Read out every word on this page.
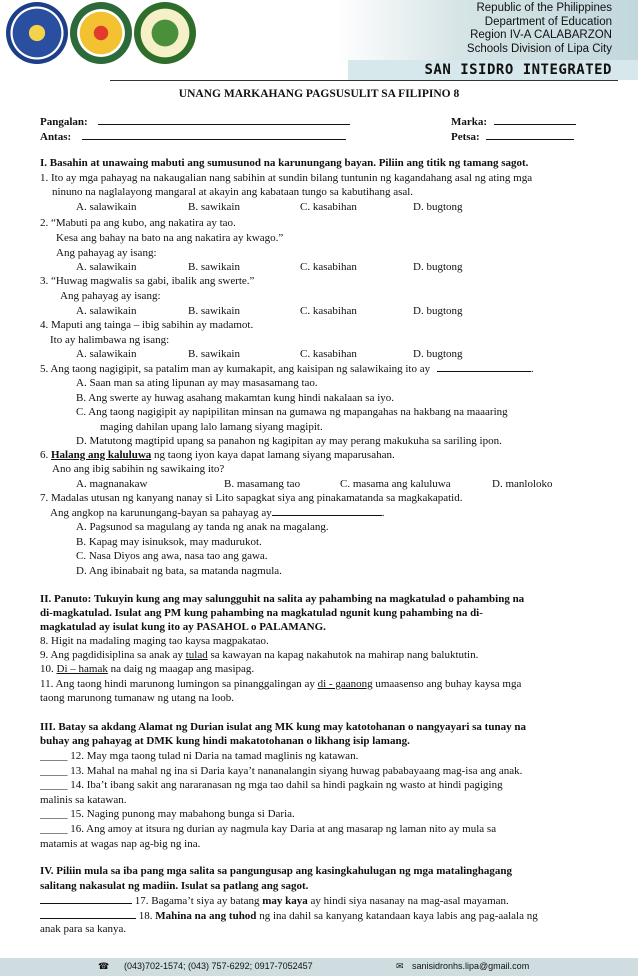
Republic of the Philippines
Department of Education
Region IV-A CALABARZON
Schools Division of Lipa City
SAN ISIDRO INTEGRATED
UNANG MARKAHANG PAGSUSULIT SA FILIPINO 8
Pangalan:	Marka:
Antas:	Petsa:
I. Basahin at unawaing mabuti ang sumusunod na karunungang bayan. Piliin ang titik ng tamang sagot.
1. Ito ay mga pahayag na nakaugalian nang sabihin at sundin bilang tuntunin ng kagandahang asal ng ating mga
ninuno na naglalayong mangaral at akayin ang kabataan tungo sa kabutihang asal.
A. salawikain	B. sawikain	C. kasabihan	D. bugtong
2. “Mabuti pa ang kubo, ang nakatira ay tao.
Kesa ang bahay na bato na ang nakatira ay kwago.”
Ang pahayag ay isang:
A. salawikain	B. sawikain	C. kasabihan	D. bugtong
3. “Huwag magwalis sa gabi, ibalik ang swerte.”
Ang pahayag ay isang:
A. salawikain	B. sawikain	C. kasabihan	D. bugtong
4. Maputi ang tainga – ibig sabihin ay madamot.
Ito ay halimbawa ng isang:
A. salawikain	B. sawikain	C. kasabihan	D. bugtong
5. Ang taong nagigipit, sa patalim man ay kumakapit, ang kaisipan ng salawikaing ito ay	.
A. Saan man sa ating lipunan ay may masasamang tao.
B. Ang swerte ay huwag asahang makamtan kung hindi nakalaan sa iyo.
C. Ang taong nagigipit ay napipilitan minsan na gumawa ng mapangahas na hakbang na maaaring
maging dahilan upang lalo lamang siyang magipit.
D. Matutong magtipid upang sa panahon ng kagipitan ay may perang makukuha sa sariling ipon.
6. Halang ang kaluluwa ng taong iyon kaya dapat lamang siyang maparusahan.
Ano ang ibig sabihin ng sawikaing ito?
A. magnanakaw	B. masamang tao	C. masama ang kaluluwa	D. manloloko
7. Madalas utusan ng kanyang nanay si Lito sapagkat siya ang pinakamatanda sa magkakapatid.
Ang angkop na karunungang-bayan sa pahayag ay	.
A. Pagsunod sa magulang ay tanda ng anak na magalang.
B. Kapag may isinuksok, may madurukot.
C. Nasa Diyos ang awa, nasa tao ang gawa.
D. Ang ibinabait ng bata, sa matanda nagmula.
II. Panuto: Tukuyin kung ang may salungguhit na salita ay pahambing na magkatulad o pahambing na
di-magkatulad. Isulat ang PM kung pahambing na magkatulad ngunit kung pahambing na di-
magkatulad ay isulat kung ito ay PASAHOL o PALAMANG.
8. Higit na madaling maging tao kaysa magpakatao.
9. Ang pagdidisiplina sa anak ay tulad sa kawayan na kapag nakahutok na mahirap nang baluktutin.
10. Di – hamak na daig ng maagap ang masipag.
11. Ang taong hindi marunong lumingon sa pinanggalingan ay di - gaanong umaasenso ang buhay kaysa mga
taong marunong tumanaw ng utang na loob.
III. Batay sa akdang Alamat ng Durian isulat ang MK kung may katotohanan o nangyayari sa tunay na
buhay ang pahayag at DMK kung hindi makatotohanan o likhang isip lamang.
_____ 12. May mga taong tulad ni Daria na tamad maglinis ng katawan.
_____ 13. Mahal na mahal ng ina si Daria kaya’t nananalangin siyang huwag pababayaang mag-isa ang anak.
_____ 14. Iba’t ibang sakit ang nararanasan ng mga tao dahil sa hindi pagkain ng wasto at hindi pagiging
malinis sa katawan.
_____ 15. Naging punong may mabahong bunga si Daria.
_____ 16. Ang amoy at itsura ng durian ay nagmula kay Daria at ang masarap ng laman nito ay mula sa
matamis at wagas nap ag-big ng ina.
IV. Piliin mula sa iba pang mga salita sa pangungusap ang kasingkahulugan ng mga matalinghagang
salitang nakasulat ng madiin. Isulat sa patlang ang sagot.
17. Bagama’t siya ay batang may kaya ay hindi siya nasanay na mag-asal mayaman.
18. Mahina na ang tuhod ng ina dahil sa kanyang katandaan kaya labis ang pag-aalala ng
anak para sa kanya.
☎ (043)702-1574; (043) 757-6292; 0917-7052457	✉ sanisidronhs.lipa@gmail.com
